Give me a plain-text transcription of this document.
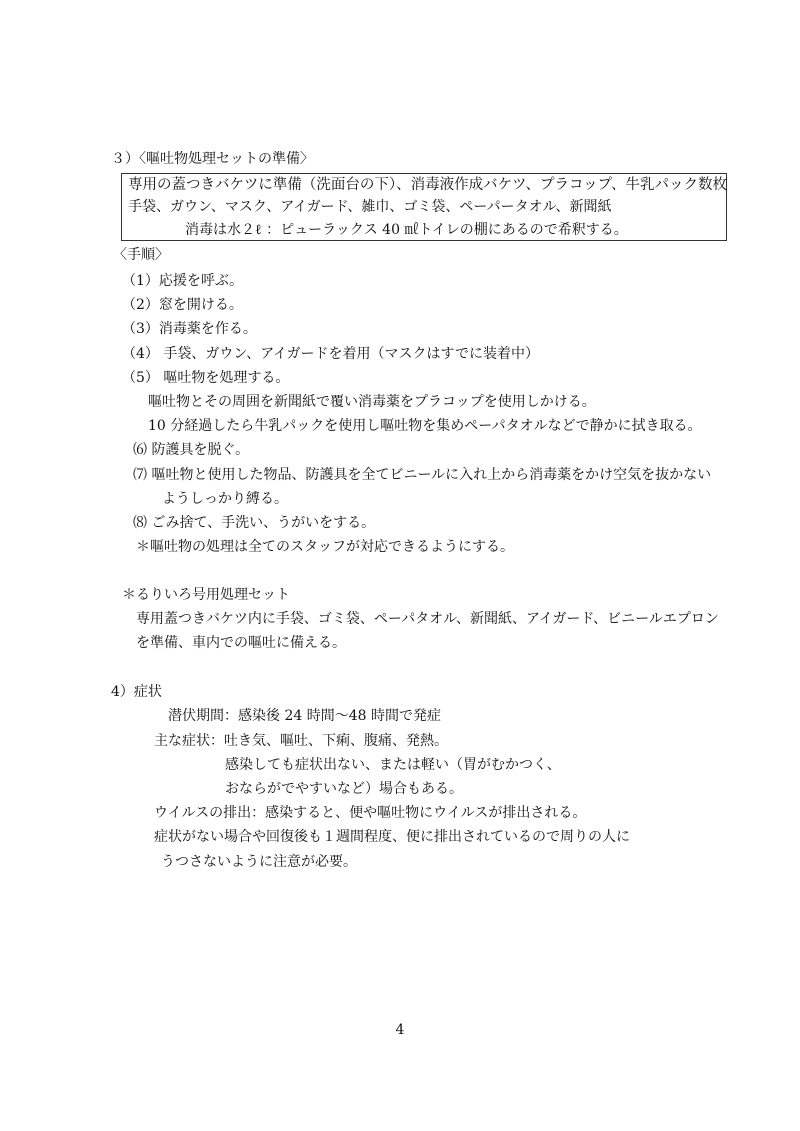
３）〈嘔吐物処理セットの準備〉
専用の蓋つきバケツに準備（洗面台の下）、消毒液作成バケツ、プラコップ、牛乳パック数枚
手袋、ガウン、マスク、アイガード、雑巾、ゴミ袋、ペーパータオル、新聞紙
消毒は水２ℓ ：ピューラックス 40 ㎖トイレの棚にあるので希釈する。
〈手順〉
（1）応援を呼ぶ。
（2）窓を開ける。
（3）消毒薬を作る。
（4） 手袋、ガウン、アイガードを着用（マスクはすでに装着中）
（5） 嘔吐物を処理する。
嘔吐物とその周囲を新聞紙で覆い消毒薬をプラコップを使用しかける。
10 分経過したら牛乳パックを使用し嘔吐物を集めペーパタオルなどで静かに拭き取る。
⑹ 防護具を脱ぐ。
⑺ 嘔吐物と使用した物品、防護具を全てビニールに入れ上から消毒薬をかけ空気を抜かない
ようしっかり縛る。
⑻ ごみ捨て、手洗い、うがいをする。
＊嘔吐物の処理は全てのスタッフが対応できるようにする。
＊るりいろ号用処理セット
専用蓋つきバケツ内に手袋、ゴミ袋、ペーパタオル、新聞紙、アイガード、ビニールエプロン
を準備、車内での嘔吐に備える。
4）症状
潜伏期間：感染後 24 時間～48 時間で発症
主な症状：吐き気、嘔吐、下痢、腹痛、発熱。
感染しても症状出ない、または軽い（胃がむかつく、
おならがでやすいなど）場合もある。
ウイルスの排出：感染すると、便や嘔吐物にウイルスが排出される。
症状がない場合や回復後も１週間程度、便に排出されているので周りの人に
うつさないように注意が必要。
4
